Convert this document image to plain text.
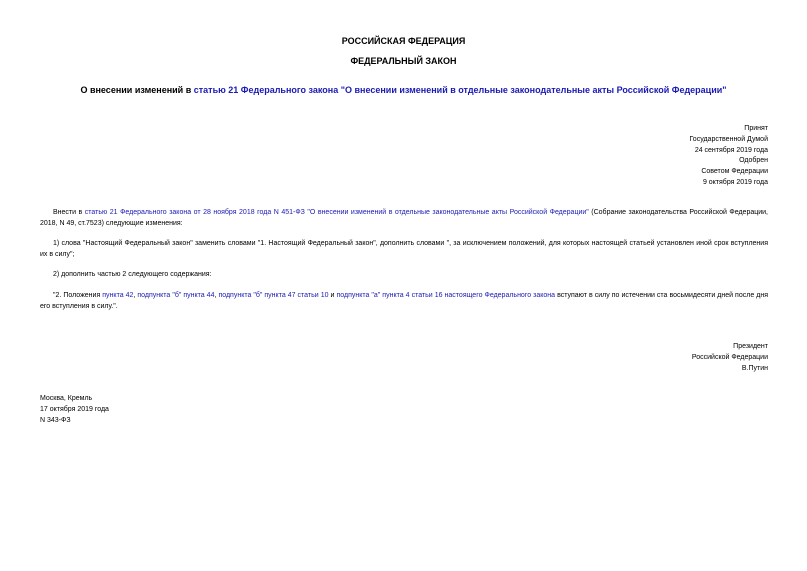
РОССИЙСКАЯ ФЕДЕРАЦИЯ
ФЕДЕРАЛЬНЫЙ ЗАКОН
О внесении изменений в статью 21 Федерального закона "О внесении изменений в отдельные законодательные акты Российской Федерации"
Принят
Государственной Думой
24 сентября 2019 года
Одобрен
Советом Федерации
9 октября 2019 года
Внести в статью 21 Федерального закона от 28 ноября 2018 года N 451-ФЗ "О внесении изменений в отдельные законодательные акты Российской Федерации" (Собрание законодательства Российской Федерации, 2018, N 49, ст.7523) следующие изменения:
1) слова "Настоящий Федеральный закон" заменить словами "1. Настоящий Федеральный закон", дополнить словами ", за исключением положений, для которых настоящей статьей установлен иной срок вступления их в силу";
2) дополнить частью 2 следующего содержания:
"2. Положения пункта 42, подпункта "б" пункта 44, подпункта "б" пункта 47 статьи 10 и подпункта "а" пункта 4 статьи 16 настоящего Федерального закона вступают в силу по истечении ста восьмидесяти дней после дня его вступления в силу.".
Президент
Российской Федерации
В.Путин
Москва, Кремль
17 октября 2019 года
N 343-ФЗ
